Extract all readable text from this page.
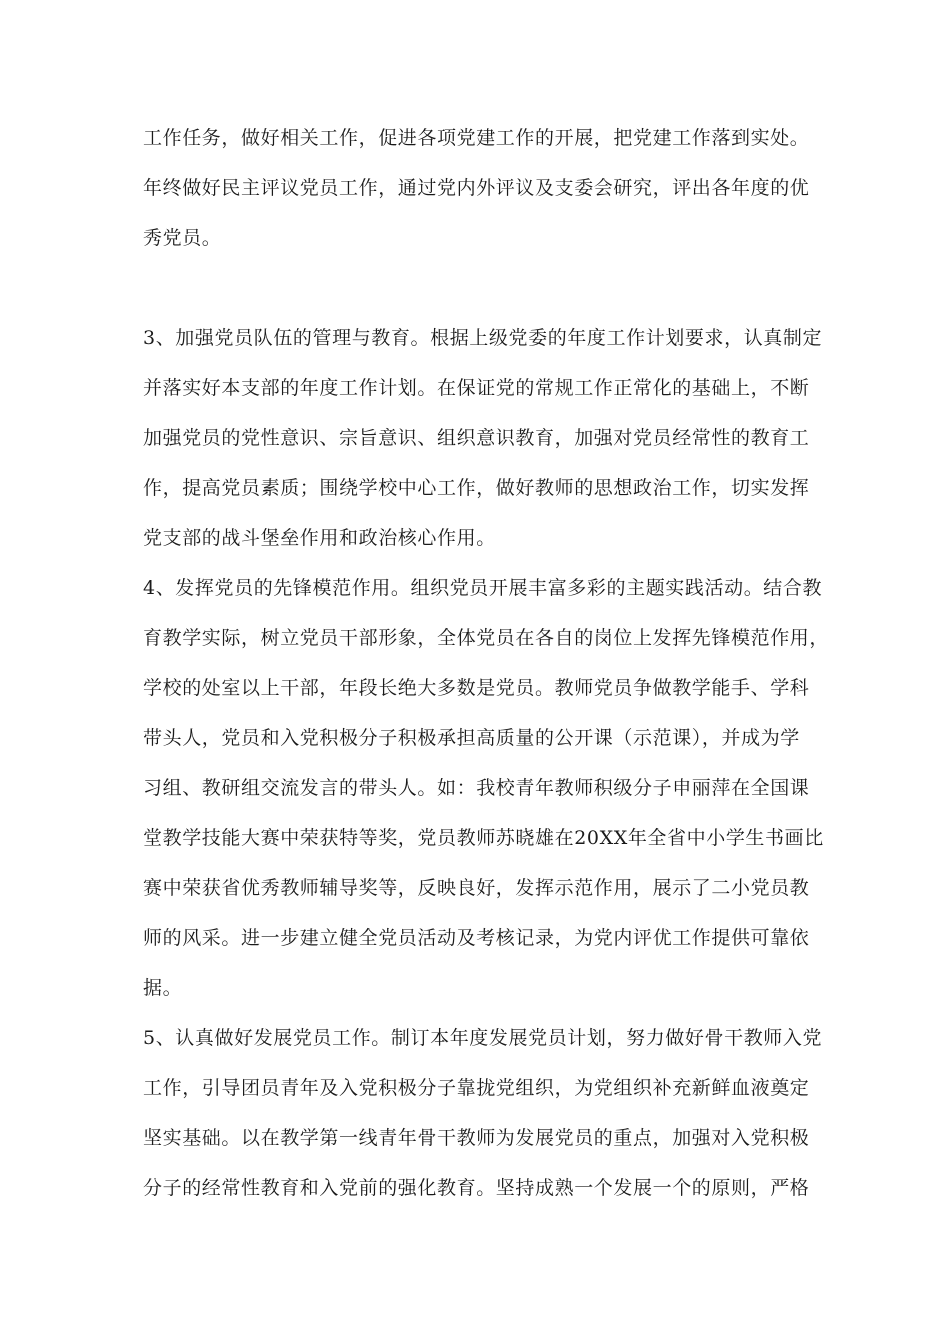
工作任务，做好相关工作，促进各项党建工作的开展，把党建工作落到实处。
年终做好民主评议党员工作，通过党内外评议及支委会研究，评出各年度的优
秀党员。
3、加强党员队伍的管理与教育。根据上级党委的年度工作计划要求，认真制定
并落实好本支部的年度工作计划。在保证党的常规工作正常化的基础上，不断
加强党员的党性意识、宗旨意识、组织意识教育，加强对党员经常性的教育工
作，提高党员素质；围绕学校中心工作，做好教师的思想政治工作，切实发挥
党支部的战斗堡垒作用和政治核心作用。
4、发挥党员的先锋模范作用。组织党员开展丰富多彩的主题实践活动。结合教
育教学实际，树立党员干部形象，全体党员在各自的岗位上发挥先锋模范作用，
学校的处室以上干部，年段长绝大多数是党员。教师党员争做教学能手、学科
带头人，党员和入党积极分子积极承担高质量的公开课（示范课），并成为学
习组、教研组交流发言的带头人。如：我校青年教师积级分子申丽萍在全国课
堂教学技能大赛中荣获特等奖，党员教师苏晓雄在20XX年全省中小学生书画比
赛中荣获省优秀教师辅导奖等，反映良好，发挥示范作用，展示了二小党员教
师的风采。进一步建立健全党员活动及考核记录，为党内评优工作提供可靠依
据。
5、认真做好发展党员工作。制订本年度发展党员计划，努力做好骨干教师入党
工作，引导团员青年及入党积极分子靠拢党组织，为党组织补充新鲜血液奠定
坚实基础。以在教学第一线青年骨干教师为发展党员的重点，加强对入党积极
分子的经常性教育和入党前的强化教育。坚持成熟一个发展一个的原则，严格
